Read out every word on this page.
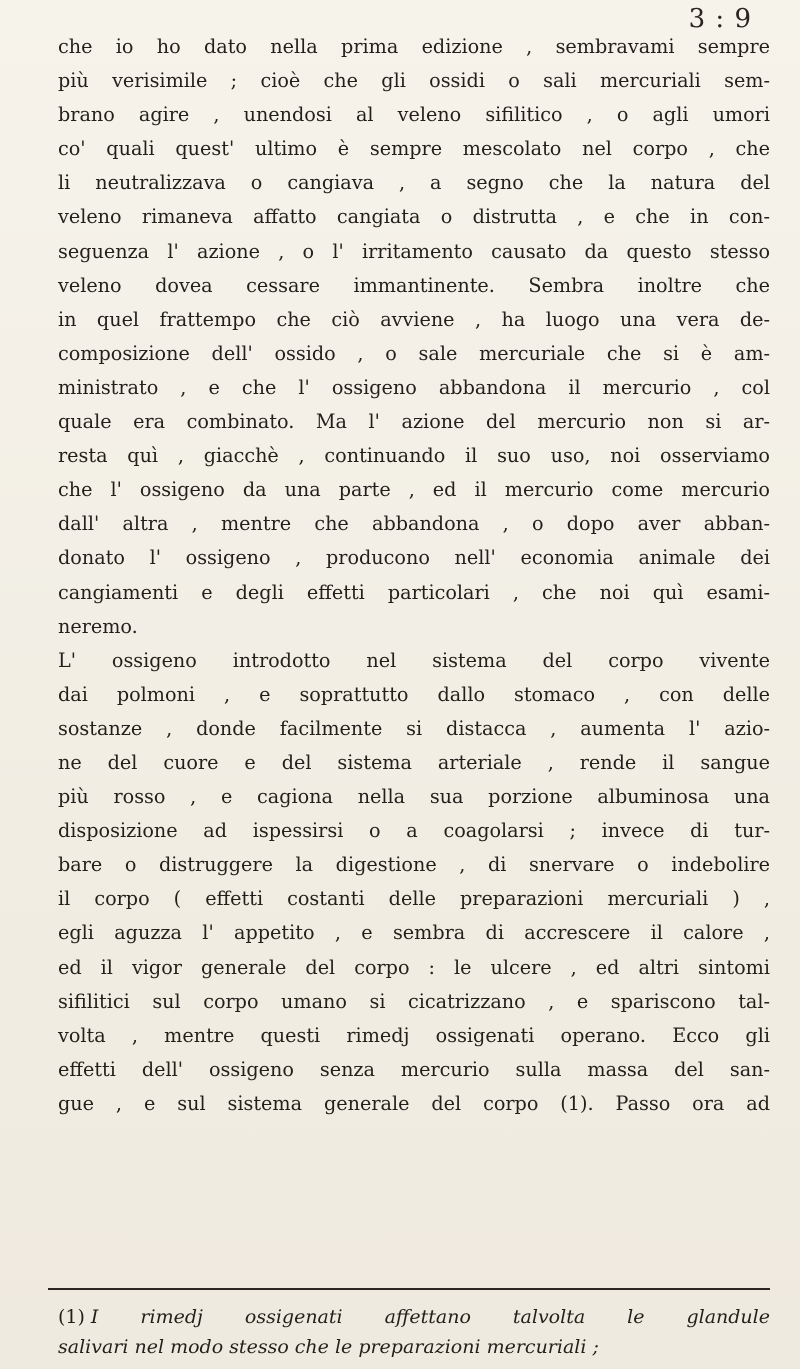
3 : 9
che io ho dato nella prima edizione , sembravami sempre
più verisimile ; cioè che gli ossidi o sali mercuriali sem-
brano agire , unendosi al veleno sifilitico , o agli umori
co' quali quest' ultimo è sempre mescolato nel corpo , che
li neutralizzava o cangiava , a segno che la natura del
veleno rimaneva affatto cangiata o distrutta , e che in con-
seguenza l' azione , o l' irritamento causato da questo stesso
veleno dovea cessare immantinente. Sembra inoltre che
in quel frattempo che ciò avviene , ha luogo una vera de-
composizione dell' ossido , o sale mercuriale che si è am-
ministrato , e che l' ossigeno abbandona il mercurio , col
quale era combinato. Ma l' azione del mercurio non si ar-
resta quì , giacchè , continuando il suo uso, noi osserviamo
che l' ossigeno da una parte , ed il mercurio come mercurio
dall' altra , mentre che abbandona , o dopo aver abban-
donato l' ossigeno , producono nell' economia animale dei
cangiamenti e degli effetti particolari , che noi quì esami-
neremo.
L' ossigeno introdotto nel sistema del corpo vivente
dai polmoni , e soprattutto dallo stomaco , con delle
sostanze , donde facilmente si distacca , aumenta l' azio-
ne del cuore e del sistema arteriale , rende il sangue
più rosso , e cagiona nella sua porzione albuminosa una
disposizione ad ispessirsi o a coagolarsi ; invece di tur-
bare o distruggere la digestione , di snervare o indebolire
il corpo ( effetti costanti delle preparazioni mercuriali ) ,
egli aguzza l' appetito , e sembra di accrescere il calore ,
ed il vigor generale del corpo : le ulcere , ed altri sintomi
sifilitici sul corpo umano si cicatrizzano , e spariscono tal-
volta , mentre questi rimedj ossigenati operano. Ecco gli
effetti dell' ossigeno senza mercurio sulla massa del san-
gue , e sul sistema generale del corpo (1). Passo ora ad
(1) I rimedj ossigenati affettano talvolta le glandule
salivari nel modo stesso che le preparazioni mercuriali ;
